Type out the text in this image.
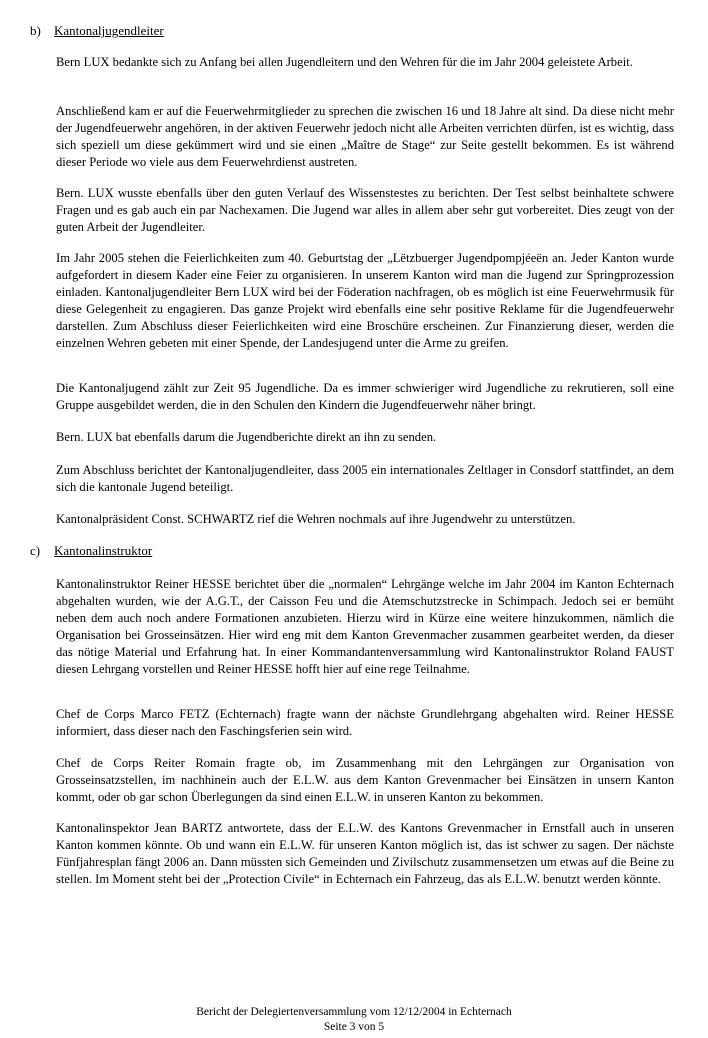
b) Kantonaljugendleiter

Bern LUX bedankte sich zu Anfang bei allen Jugendleitern und den Wehren für die im Jahr 2004 geleistete Arbeit.

Anschließend kam er auf die Feuerwehrmitglieder zu sprechen die zwischen 16 und 18 Jahre alt sind. Da diese nicht mehr der Jugendfeuerwehr angehören, in der aktiven Feuerwehr jedoch nicht alle Arbeiten verrichten dürfen, ist es wichtig, dass sich speziell um diese gekümmert wird und sie einen „Maître de Stage“ zur Seite gestellt bekommen. Es ist während dieser Periode wo viele aus dem Feuerwehrdienst austreten.

Bern. LUX wusste ebenfalls über den guten Verlauf des Wissenstestes zu berichten. Der Test selbst beinhaltete schwere Fragen und es gab auch ein par Nachexamen. Die Jugend war alles in allem aber sehr gut vorbereitet. Dies zeugt von der guten Arbeit der Jugendleiter.

Im Jahr 2005 stehen die Feierlichkeiten zum 40. Geburtstag der „Lëtzbuerger Jugendpompjéeën an. Jeder Kanton wurde aufgefordert in diesem Kader eine Feier zu organisieren. In unserem Kanton wird man die Jugend zur Springprozession einladen. Kantonaljugendleiter Bern LUX wird bei der Föderation nachfragen, ob es möglich ist eine Feuerwehrmusik für diese Gelegenheit zu engagieren. Das ganze Projekt wird ebenfalls eine sehr positive Reklame für die Jugendfeuerwehr darstellen. Zum Abschluss dieser Feierlichkeiten wird eine Broschüre erscheinen. Zur Finanzierung dieser, werden die einzelnen Wehren gebeten mit einer Spende, der Landesjugend unter die Arme zu greifen.

Die Kantonaljugend zählt zur Zeit 95 Jugendliche. Da es immer schwieriger wird Jugendliche zu rekrutieren, soll eine Gruppe ausgebildet werden, die in den Schulen den Kindern die Jugendfeuerwehr näher bringt.

Bern. LUX bat ebenfalls darum die Jugendberichte direkt an ihn zu senden.

Zum Abschluss berichtet der Kantonaljugendleiter, dass 2005 ein internationales Zeltlager in Consdorf stattfindet, an dem sich die kantonale Jugend beteiligt.

Kantonalpräsident Const. SCHWARTZ rief die Wehren nochmals auf ihre Jugendwehr zu unterstützen.

c) Kantonalinstruktor

Kantonalinstruktor Reiner HESSE berichtet über die „normalen“ Lehrgänge welche im Jahr 2004 im Kanton Echternach abgehalten wurden, wie der A.G.T., der Caisson Feu und die Atemschutzstrecke in Schimpach. Jedoch sei er bemüht neben dem auch noch andere Formationen anzubieten. Hierzu wird in Kürze eine weitere hinzukommen, nämlich die Organisation bei Grosseinsätzen. Hier wird eng mit dem Kanton Grevenmacher zusammen gearbeitet werden, da dieser das nötige Material und Erfahrung hat. In einer Kommandantenversammlung wird Kantonalinstruktor Roland FAUST diesen Lehrgang vorstellen und Reiner HESSE hofft hier auf eine rege Teilnahme.

Chef de Corps Marco FETZ (Echternach) fragte wann der nächste Grundlehrgang abgehalten wird. Reiner HESSE informiert, dass dieser nach den Faschingsferien sein wird.

Chef de Corps Reiter Romain fragte ob, im Zusammenhang mit den Lehrgängen zur Organisation von Grosseinsatzstellen, im nachhinein auch der E.L.W. aus dem Kanton Grevenmacher bei Einsätzen in unsern Kanton kommt, oder ob gar schon Überlegungen da sind einen E.L.W. in unseren Kanton zu bekommen.

Kantonalinspektor Jean BARTZ antwortete, dass der E.L.W. des Kantons Grevenmacher in Ernstfall auch in unseren Kanton kommen könnte. Ob und wann ein E.L.W. für unseren Kanton möglich ist, das ist schwer zu sagen. Der nächste Fünfjahresplan fängt 2006 an. Dann müssten sich Gemeinden und Zivilschutz zusammensetzen um etwas auf die Beine zu stellen. Im Moment steht bei der „Protection Civile“ in Echternach ein Fahrzeug, das als E.L.W. benutzt werden könnte.

Bericht der Delegiertenversammlung vom 12/12/2004 in Echternach
Seite 3 von 5
